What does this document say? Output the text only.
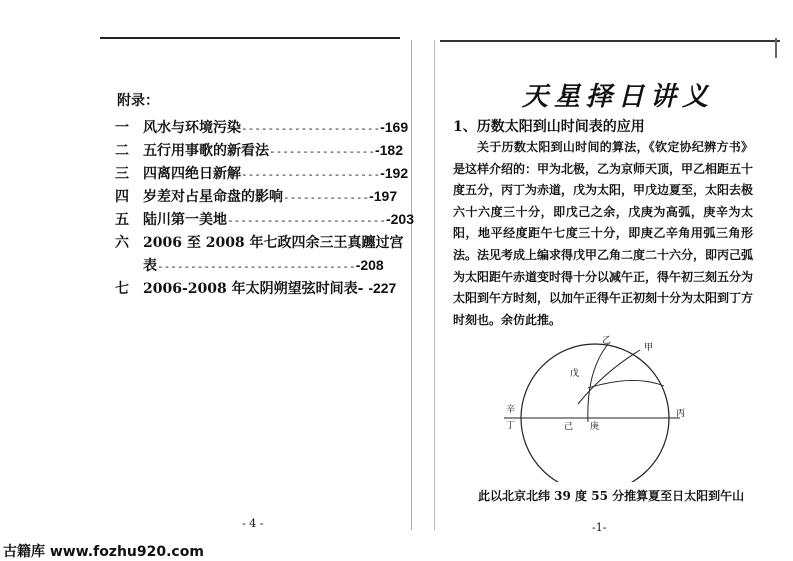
附录：
一 风水与环境污染----------------------169
二 五行用事歌的新看法-----------------182
三 四离四绝日新解----------------------192
四 岁差对占星命盘的影响--------------197
五 陆川第一美地-------------------------203
六 2006 至 2008 年七政四余三王真躔过宫
表-------------------------------208
七 2006-2008 年太阴朔望弦时间表- -227
- 4 -
天星择日讲义
1、历数太阳到山时间表的应用
关于历数太阳到山时间的算法，《钦定协纪辨方书》是这样介绍的：甲为北极，乙为京师天顶，甲乙相距五十度五分，丙丁为赤道，戊为太阳，甲戊边夏至，太阳去极六十六度三十分，即戊己之余，戊庚为高弧，庚辛为太阳，地平经度距午七度三十分，即庚乙辛角用弧三角形法。法见考成上编求得戊甲乙角二度二十六分，即丙己弧为太阳距午赤道变时得十分以减午正，得午初三刻五分为太阳到午方时刻，以加午正得午正初刻十分为太阳到丁方时刻也。余仿此推。
乙
甲
戊
辛
丁	己 庚
丙
此以北京北纬 39 度 55 分推算夏至日太阳到午山
-1-
古籍库 www.fozhu920.com
